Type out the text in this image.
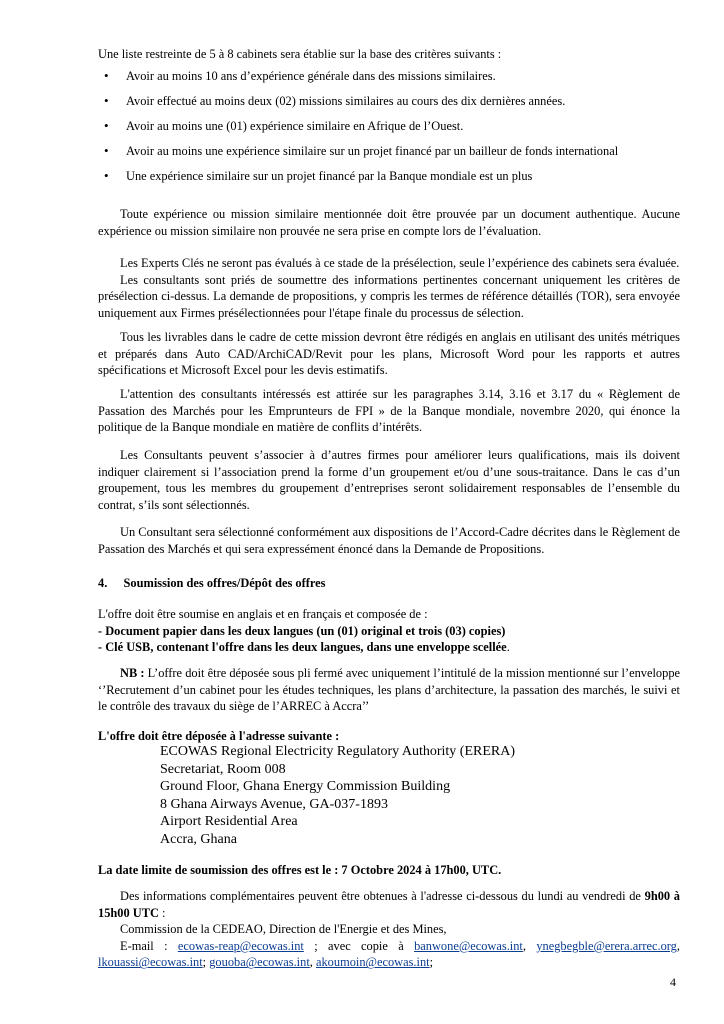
Une liste restreinte de 5 à 8 cabinets sera établie sur la base des critères suivants :

• Avoir au moins 10 ans d’expérience générale dans des missions similaires.
• Avoir effectué au moins deux (02) missions similaires au cours des dix dernières années.
• Avoir au moins une (01) expérience similaire en Afrique de l’Ouest.
• Avoir au moins une expérience similaire sur un projet financé par un bailleur de fonds international
• Une expérience similaire sur un projet financé par la Banque mondiale est un plus

Toute expérience ou mission similaire mentionnée doit être prouvée par un document authentique. Aucune expérience ou mission similaire non prouvée ne sera prise en compte lors de l’évaluation.

Les Experts Clés ne seront pas évalués à ce stade de la présélection, seule l’expérience des cabinets sera évaluée.

Les consultants sont priés de soumettre des informations pertinentes concernant uniquement les critères de présélection ci-dessus. La demande de propositions, y compris les termes de référence détaillés (TOR), sera envoyée uniquement aux Firmes présélectionnées pour l'étape finale du processus de sélection.

Tous les livrables dans le cadre de cette mission devront être rédigés en anglais en utilisant des unités métriques et préparés dans Auto CAD/ArchiCAD/Revit pour les plans, Microsoft Word pour les rapports et autres spécifications et Microsoft Excel pour les devis estimatifs.

L'attention des consultants intéressés est attirée sur les paragraphes 3.14, 3.16 et 3.17 du « Règlement de Passation des Marchés pour les Emprunteurs de FPI » de la Banque mondiale, novembre 2020, qui énonce la politique de la Banque mondiale en matière de conflits d’intérêts.

Les Consultants peuvent s’associer à d’autres firmes pour améliorer leurs qualifications, mais ils doivent indiquer clairement si l’association prend la forme d’un groupement et/ou d’une sous-traitance. Dans le cas d’un groupement, tous les membres du groupement d’entreprises seront solidairement responsables de l’ensemble du contrat, s’ils sont sélectionnés.

Un Consultant sera sélectionné conformément aux dispositions de l’Accord-Cadre décrites dans le Règlement de Passation des Marchés et qui sera expressément énoncé dans la Demande de Propositions.

4. Soumission des offres/Dépôt des offres

L'offre doit être soumise en anglais et en français et composée de :

- Document papier dans les deux langues (un (01) original et trois (03) copies)

- Clé USB, contenant l'offre dans les deux langues, dans une enveloppe scellée.

NB : L’offre doit être déposée sous pli fermé avec uniquement l’intitulé de la mission mentionné sur l’enveloppe ‘’Recrutement d’un cabinet pour les études techniques, les plans d’architecture, la passation des marchés, le suivi et le contrôle des travaux du siège de l’ARREC à Accra’’

L'offre doit être déposée à l'adresse suivante :

ECOWAS Regional Electricity Regulatory Authority (ERERA)
Secretariat, Room 008
Ground Floor, Ghana Energy Commission Building
8 Ghana Airways Avenue, GA-037-1893
Airport Residential Area
Accra, Ghana

La date limite de soumission des offres est le : 7 Octobre 2024 à 17h00, UTC.

Des informations complémentaires peuvent être obtenues à l'adresse ci-dessous du lundi au vendredi de 9h00 à 15h00 UTC :

Commission de la CEDEAO, Direction de l'Energie et des Mines,

E-mail : ecowas-reap@ecowas.int ; avec copie à banwone@ecowas.int, ynegbegble@erera.arrec.org,

lkouassi@ecowas.int; gouoba@ecowas.int, akoumoin@ecowas.int;

4
